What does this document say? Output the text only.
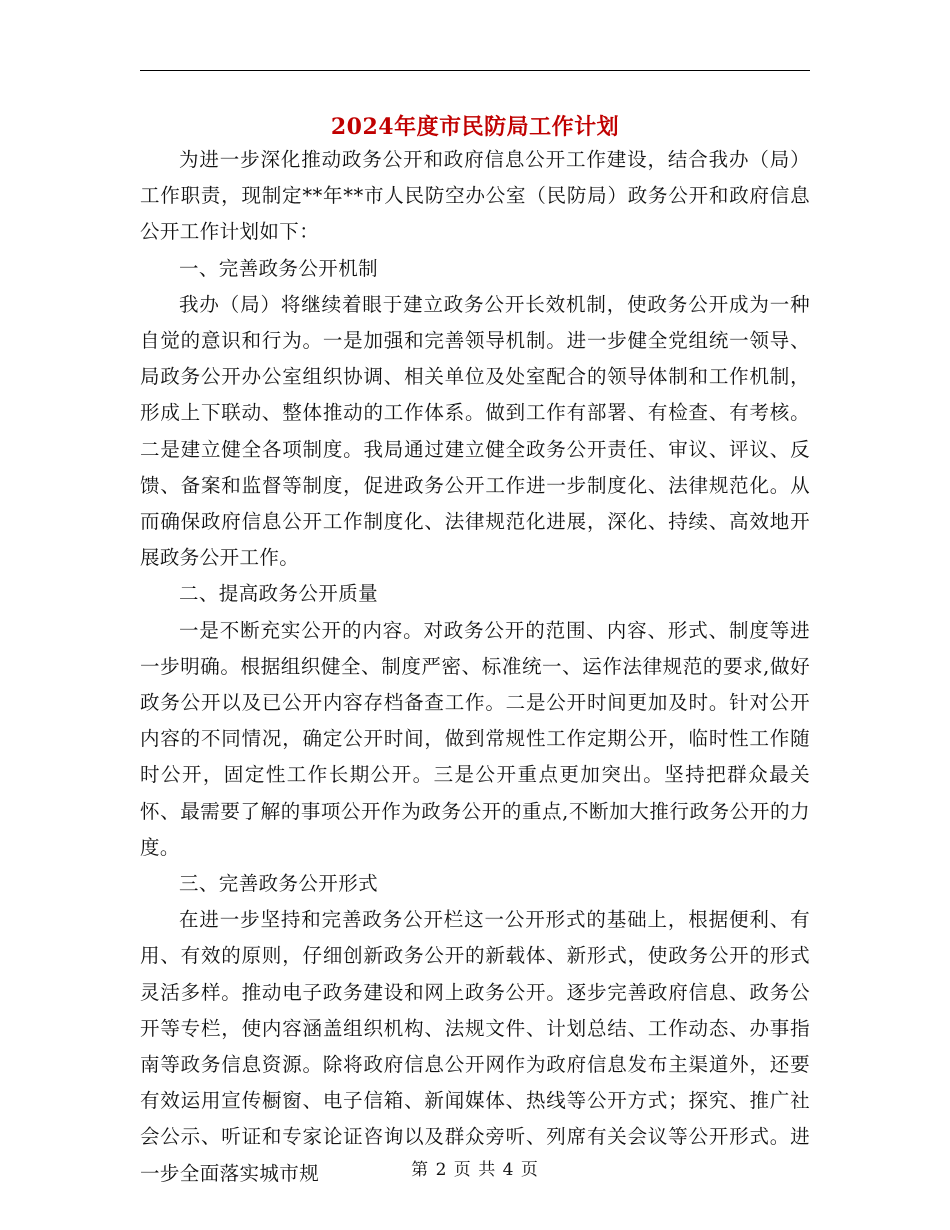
2024年度市民防局工作计划

为进一步深化推动政务公开和政府信息公开工作建设，结合我办（局）工作职责，现制定**年**市人民防空办公室（民防局）政务公开和政府信息公开工作计划如下：

一、完善政务公开机制

我办（局）将继续着眼于建立政务公开长效机制，使政务公开成为一种自觉的意识和行为。一是加强和完善领导机制。进一步健全党组统一领导、局政务公开办公室组织协调、相关单位及处室配合的领导体制和工作机制，形成上下联动、整体推动的工作体系。做到工作有部署、有检查、有考核。二是建立健全各项制度。我局通过建立健全政务公开责任、审议、评议、反馈、备案和监督等制度，促进政务公开工作进一步制度化、法律规范化。从而确保政府信息公开工作制度化、法律规范化进展，深化、持续、高效地开展政务公开工作。

二、提高政务公开质量

一是不断充实公开的内容。对政务公开的范围、内容、形式、制度等进一步明确。根据组织健全、制度严密、标准统一、运作法律规范的要求,做好政务公开以及已公开内容存档备查工作。二是公开时间更加及时。针对公开内容的不同情况，确定公开时间，做到常规性工作定期公开，临时性工作随时公开，固定性工作长期公开。三是公开重点更加突出。坚持把群众最关怀、最需要了解的事项公开作为政务公开的重点,不断加大推行政务公开的力度。

三、完善政务公开形式

在进一步坚持和完善政务公开栏这一公开形式的基础上，根据便利、有用、有效的原则，仔细创新政务公开的新载体、新形式，使政务公开的形式灵活多样。推动电子政务建设和网上政务公开。逐步完善政府信息、政务公开等专栏，使内容涵盖组织机构、法规文件、计划总结、工作动态、办事指南等政务信息资源。除将政府信息公开网作为政府信息发布主渠道外，还要有效运用宣传橱窗、电子信箱、新闻媒体、热线等公开方式；探究、推广社会公示、听证和专家论证咨询以及群众旁听、列席有关会议等公开形式。进一步全面落实城市规	第 2 页 共 4 页
